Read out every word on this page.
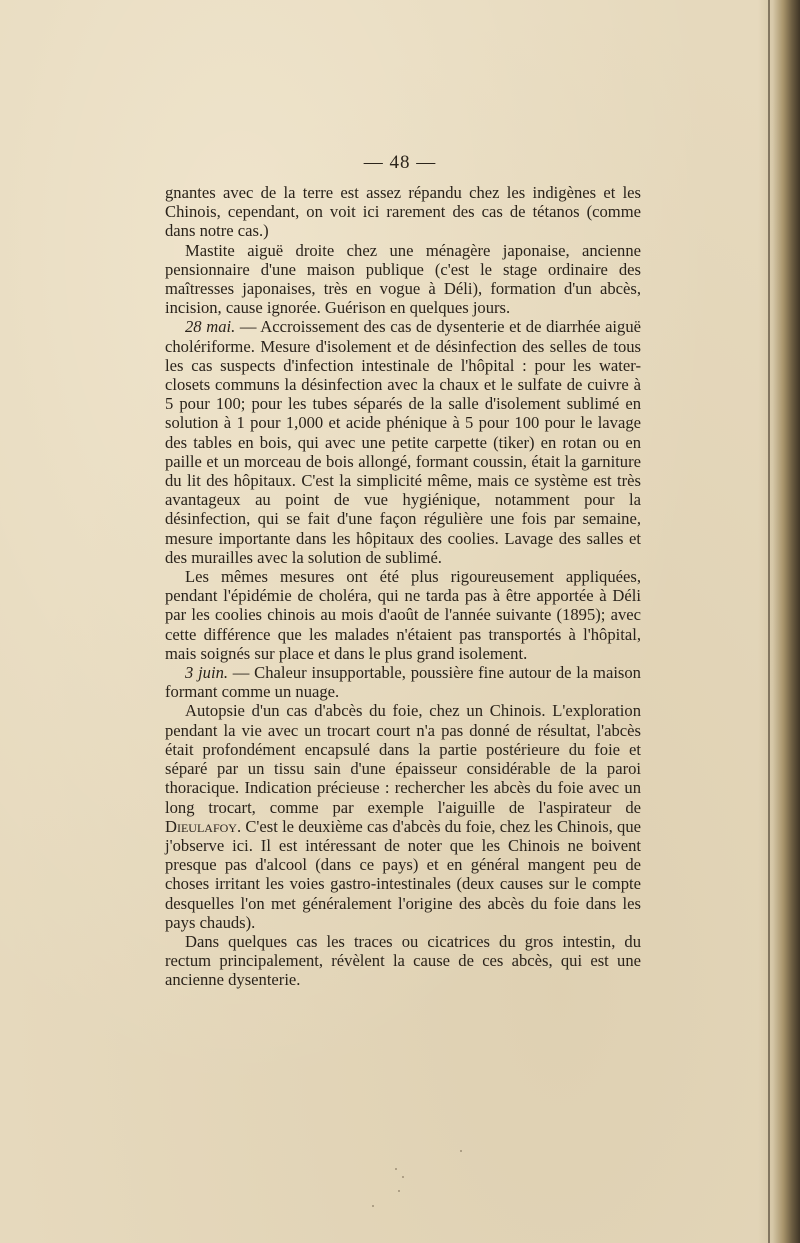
— 48 —

gnantes avec de la terre est assez répandu chez les indigènes et les Chinois, cependant, on voit ici rarement des cas de tétanos (comme dans notre cas.)

Mastite aiguë droite chez une ménagère japonaise, ancienne pensionnaire d'une maison publique (c'est le stage ordinaire des maîtresses japonaises, très en vogue à Déli), formation d'un abcès, incision, cause ignorée. Guérison en quelques jours.

28 mai. — Accroissement des cas de dysenterie et de diarrhée aiguë cholériforme. Mesure d'isolement et de désinfection des selles de tous les cas suspects d'infection intestinale de l'hôpital : pour les water-closets communs la désinfection avec la chaux et le sulfate de cuivre à 5 pour 100; pour les tubes séparés de la salle d'isolement sublimé en solution à 1 pour 1,000 et acide phénique à 5 pour 100 pour le lavage des tables en bois, qui avec une petite carpette (tiker) en rotan ou en paille et un morceau de bois allongé, formant coussin, était la garniture du lit des hôpitaux. C'est la simplicité même, mais ce système est très avantageux au point de vue hygiénique, notamment pour la désinfection, qui se fait d'une façon régulière une fois par semaine, mesure importante dans les hôpitaux des coolies. Lavage des salles et des murailles avec la solution de sublimé.

Les mêmes mesures ont été plus rigoureusement appliquées, pendant l'épidémie de choléra, qui ne tarda pas à être apportée à Déli par les coolies chinois au mois d'août de l'année suivante (1895); avec cette différence que les malades n'étaient pas transportés à l'hôpital, mais soignés sur place et dans le plus grand isolement.

3 juin. — Chaleur insupportable, poussière fine autour de la maison formant comme un nuage.

Autopsie d'un cas d'abcès du foie, chez un Chinois. L'exploration pendant la vie avec un trocart court n'a pas donné de résultat, l'abcès était profondément encapsulé dans la partie postérieure du foie et séparé par un tissu sain d'une épaisseur considérable de la paroi thoracique. Indication précieuse : rechercher les abcès du foie avec un long trocart, comme par exemple l'aiguille de l'aspirateur de Dieulafoy. C'est le deuxième cas d'abcès du foie, chez les Chinois, que j'observe ici. Il est intéressant de noter que les Chinois ne boivent presque pas d'alcool (dans ce pays) et en général mangent peu de choses irritant les voies gastro-intestinales (deux causes sur le compte desquelles l'on met généralement l'origine des abcès du foie dans les pays chauds).

Dans quelques cas les traces ou cicatrices du gros intestin, du rectum principalement, révèlent la cause de ces abcès, qui est une ancienne dysenterie.
